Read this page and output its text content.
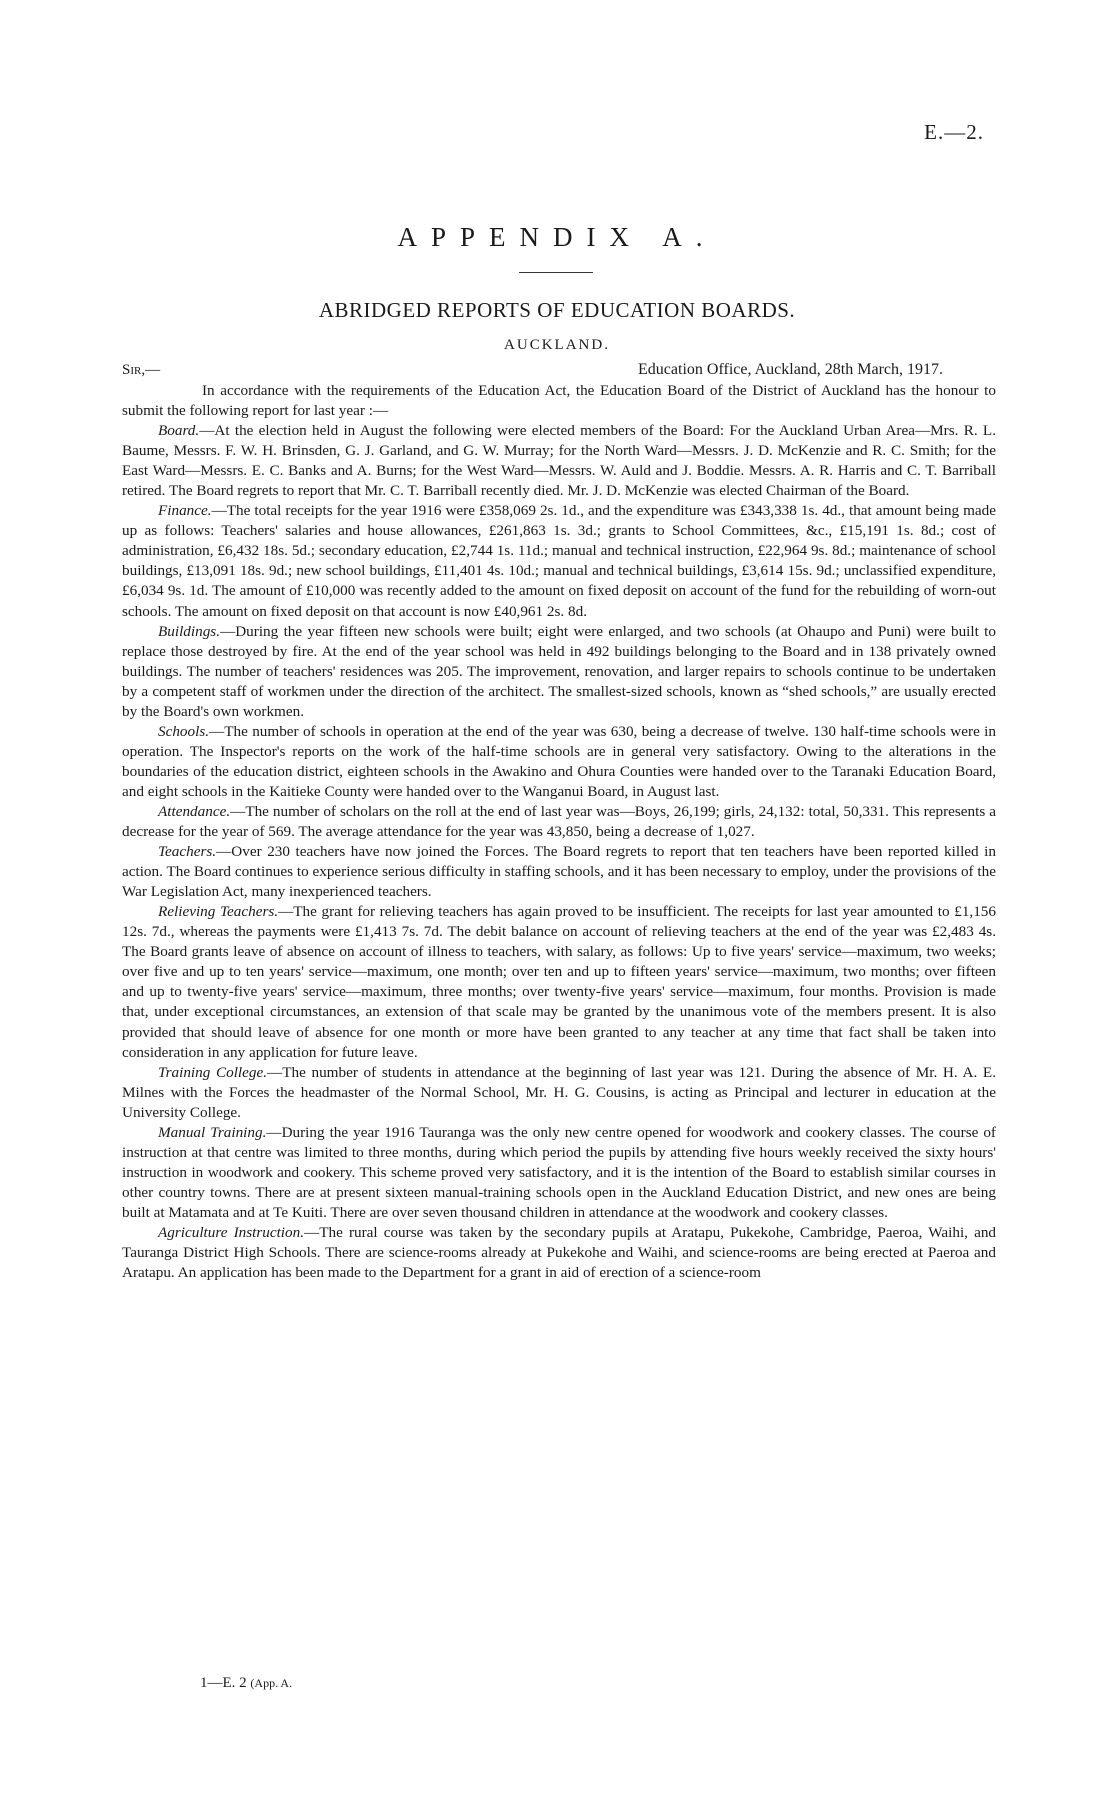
E.—2.
APPENDIX A.
ABRIDGED REPORTS OF EDUCATION BOARDS.
AUCKLAND.
Sir,—	Education Office, Auckland, 28th March, 1917.

In accordance with the requirements of the Education Act, the Education Board of the District of Auckland has the honour to submit the following report for last year :—

Board.—At the election held in August the following were elected members of the Board: For the Auckland Urban Area—Mrs. R. L. Baume, Messrs. F. W. H. Brinsden, G. J. Garland, and G. W. Murray; for the North Ward—Messrs. J. D. McKenzie and R. C. Smith; for the East Ward—Messrs. E. C. Banks and A. Burns; for the West Ward—Messrs. W. Auld and J. Boddie. Messrs. A. R. Harris and C. T. Barriball retired. The Board regrets to report that Mr. C. T. Barriball recently died. Mr. J. D. McKenzie was elected Chairman of the Board.

Finance.—The total receipts for the year 1916 were £358,069 2s. 1d., and the expenditure was £343,338 1s. 4d., that amount being made up as follows: Teachers' salaries and house allowances, £261,863 1s. 3d.; grants to School Committees, &c., £15,191 1s. 8d.; cost of administration, £6,432 18s. 5d.; secondary education, £2,744 1s. 11d.; manual and technical instruction, £22,964 9s. 8d.; maintenance of school buildings, £13,091 18s. 9d.; new school buildings, £11,401 4s. 10d.; manual and technical buildings, £3,614 15s. 9d.; unclassified expenditure, £6,034 9s. 1d. The amount of £10,000 was recently added to the amount on fixed deposit on account of the fund for the rebuilding of worn-out schools. The amount on fixed deposit on that account is now £40,961 2s. 8d.

Buildings.—During the year fifteen new schools were built; eight were enlarged, and two schools (at Ohaupo and Puni) were built to replace those destroyed by fire. At the end of the year school was held in 492 buildings belonging to the Board and in 138 privately owned buildings. The number of teachers' residences was 205. The improvement, renovation, and larger repairs to schools continue to be undertaken by a competent staff of workmen under the direction of the architect. The smallest-sized schools, known as “shed schools,” are usually erected by the Board's own workmen.

Schools.—The number of schools in operation at the end of the year was 630, being a decrease of twelve. 130 half-time schools were in operation. The Inspector's reports on the work of the half-time schools are in general very satisfactory. Owing to the alterations in the boundaries of the education district, eighteen schools in the Awakino and Ohura Counties were handed over to the Taranaki Education Board, and eight schools in the Kaitieke County were handed over to the Wanganui Board, in August last.

Attendance.—The number of scholars on the roll at the end of last year was—Boys, 26,199; girls, 24,132: total, 50,331. This represents a decrease for the year of 569. The average attendance for the year was 43,850, being a decrease of 1,027.

Teachers.—Over 230 teachers have now joined the Forces. The Board regrets to report that ten teachers have been reported killed in action. The Board continues to experience serious difficulty in staffing schools, and it has been necessary to employ, under the provisions of the War Legislation Act, many inexperienced teachers.

Relieving Teachers.—The grant for relieving teachers has again proved to be insufficient. The receipts for last year amounted to £1,156 12s. 7d., whereas the payments were £1,413 7s. 7d. The debit balance on account of relieving teachers at the end of the year was £2,483 4s. The Board grants leave of absence on account of illness to teachers, with salary, as follows: Up to five years' service—maximum, two weeks; over five and up to ten years' service—maximum, one month; over ten and up to fifteen years' service—maximum, two months; over fifteen and up to twenty-five years' service—maximum, three months; over twenty-five years' service—maximum, four months. Provision is made that, under exceptional circumstances, an extension of that scale may be granted by the unanimous vote of the members present. It is also provided that should leave of absence for one month or more have been granted to any teacher at any time that fact shall be taken into consideration in any application for future leave.

Training College.—The number of students in attendance at the beginning of last year was 121. During the absence of Mr. H. A. E. Milnes with the Forces the headmaster of the Normal School, Mr. H. G. Cousins, is acting as Principal and lecturer in education at the University College.

Manual Training.—During the year 1916 Tauranga was the only new centre opened for woodwork and cookery classes. The course of instruction at that centre was limited to three months, during which period the pupils by attending five hours weekly received the sixty hours' instruction in woodwork and cookery. This scheme proved very satisfactory, and it is the intention of the Board to establish similar courses in other country towns. There are at present sixteen manual-training schools open in the Auckland Education District, and new ones are being built at Matamata and at Te Kuiti. There are over seven thousand children in attendance at the woodwork and cookery classes.

Agriculture Instruction.—The rural course was taken by the secondary pupils at Aratapu, Pukekohe, Cambridge, Paeroa, Waihi, and Tauranga District High Schools. There are science-rooms already at Pukekohe and Waihi, and science-rooms are being erected at Paeroa and Aratapu. An application has been made to the Department for a grant in aid of erection of a science-room

1—E. 2 (App. A.
